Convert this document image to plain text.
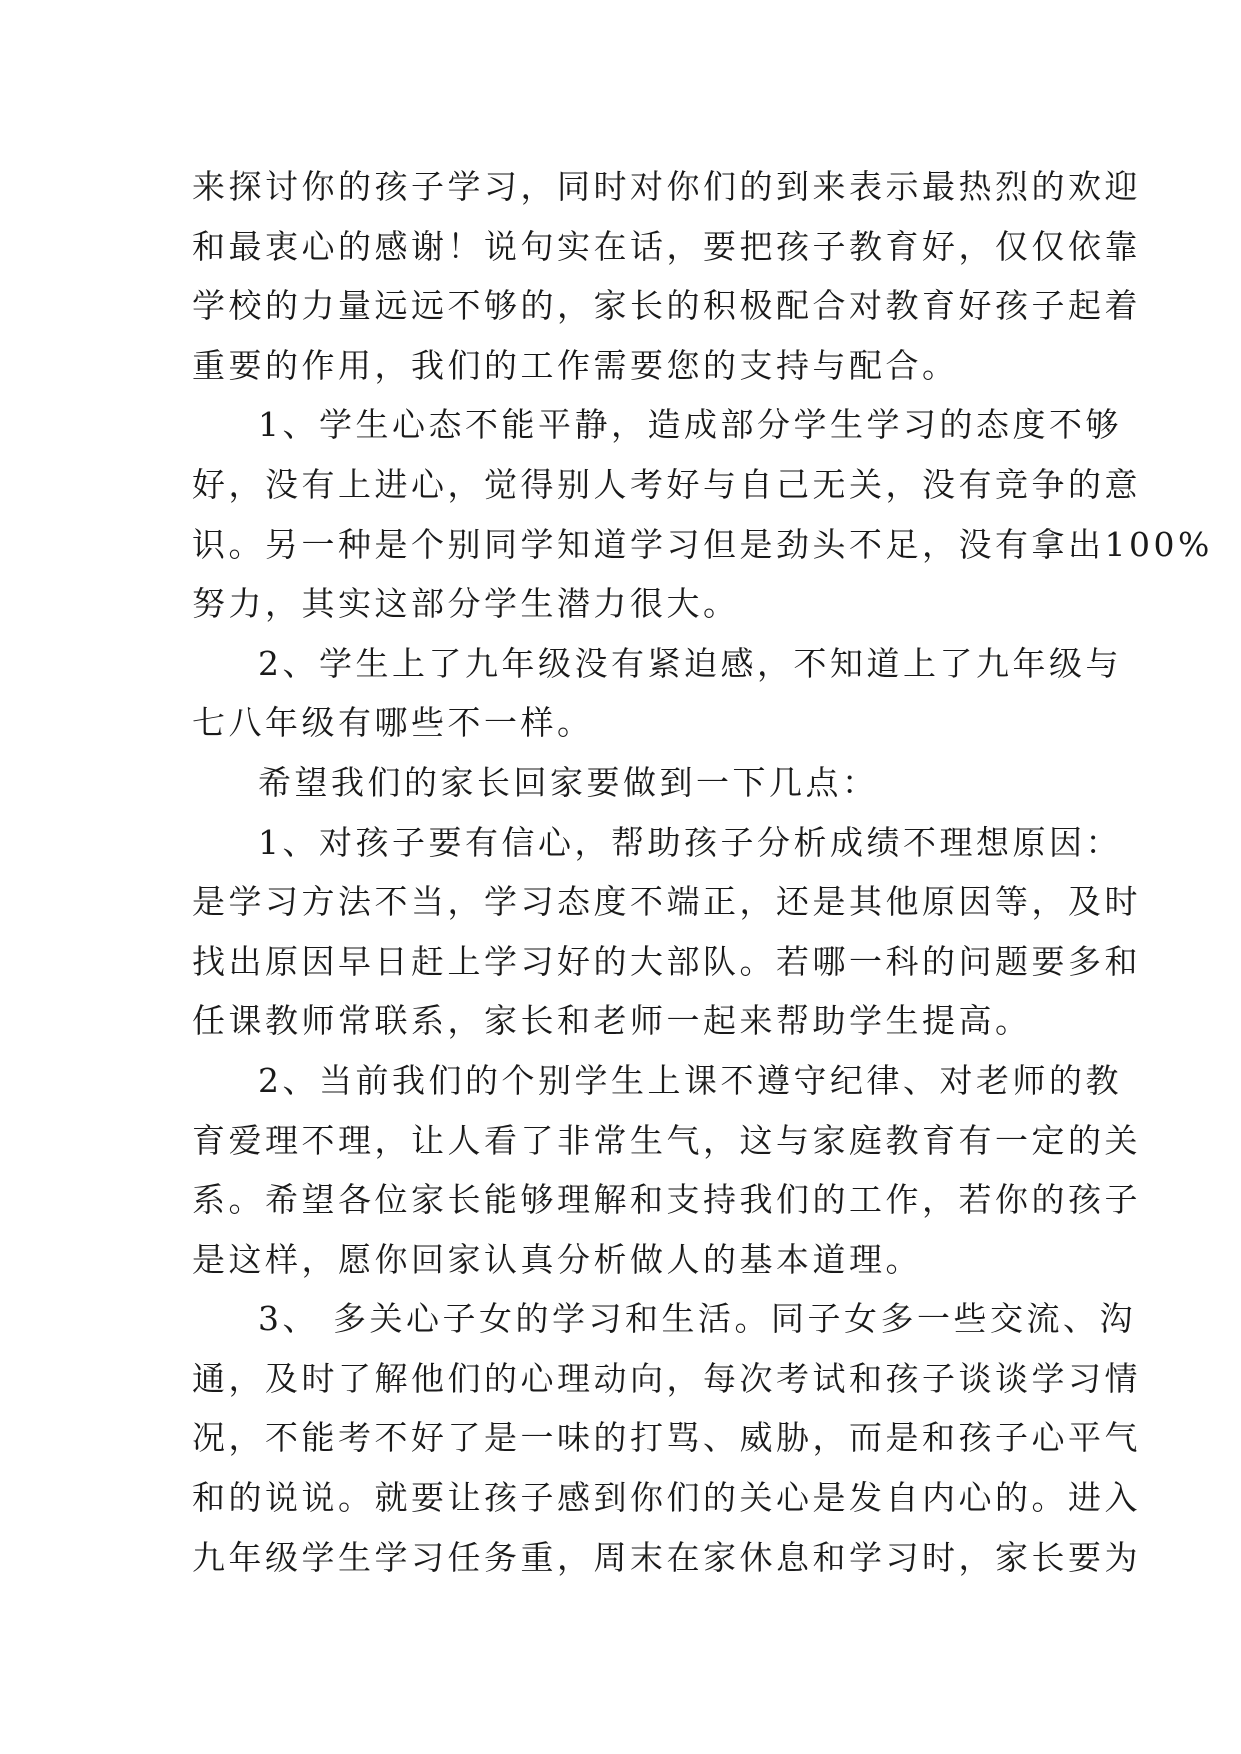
来探讨你的孩子学习，同时对你们的到来表示最热烈的欢迎
和最衷心的感谢！说句实在话，要把孩子教育好，仅仅依靠
学校的力量远远不够的，家长的积极配合对教育好孩子起着
重要的作用，我们的工作需要您的支持与配合。
1、学生心态不能平静，造成部分学生学习的态度不够
好，没有上进心，觉得别人考好与自己无关，没有竞争的意
识。另一种是个别同学知道学习但是劲头不足，没有拿出100%
努力，其实这部分学生潜力很大。
2、学生上了九年级没有紧迫感，不知道上了九年级与
七八年级有哪些不一样。
希望我们的家长回家要做到一下几点：
1、对孩子要有信心，帮助孩子分析成绩不理想原因：
是学习方法不当，学习态度不端正，还是其他原因等，及时
找出原因早日赶上学习好的大部队。若哪一科的问题要多和
任课教师常联系，家长和老师一起来帮助学生提高。
2、当前我们的个别学生上课不遵守纪律、对老师的教
育爱理不理，让人看了非常生气，这与家庭教育有一定的关
系。希望各位家长能够理解和支持我们的工作，若你的孩子
是这样，愿你回家认真分析做人的基本道理。
3、 多关心子女的学习和生活。同子女多一些交流、沟
通，及时了解他们的心理动向，每次考试和孩子谈谈学习情
况，不能考不好了是一味的打骂、威胁，而是和孩子心平气
和的说说。就要让孩子感到你们的关心是发自内心的。进入
九年级学生学习任务重，周末在家休息和学习时，家长要为
